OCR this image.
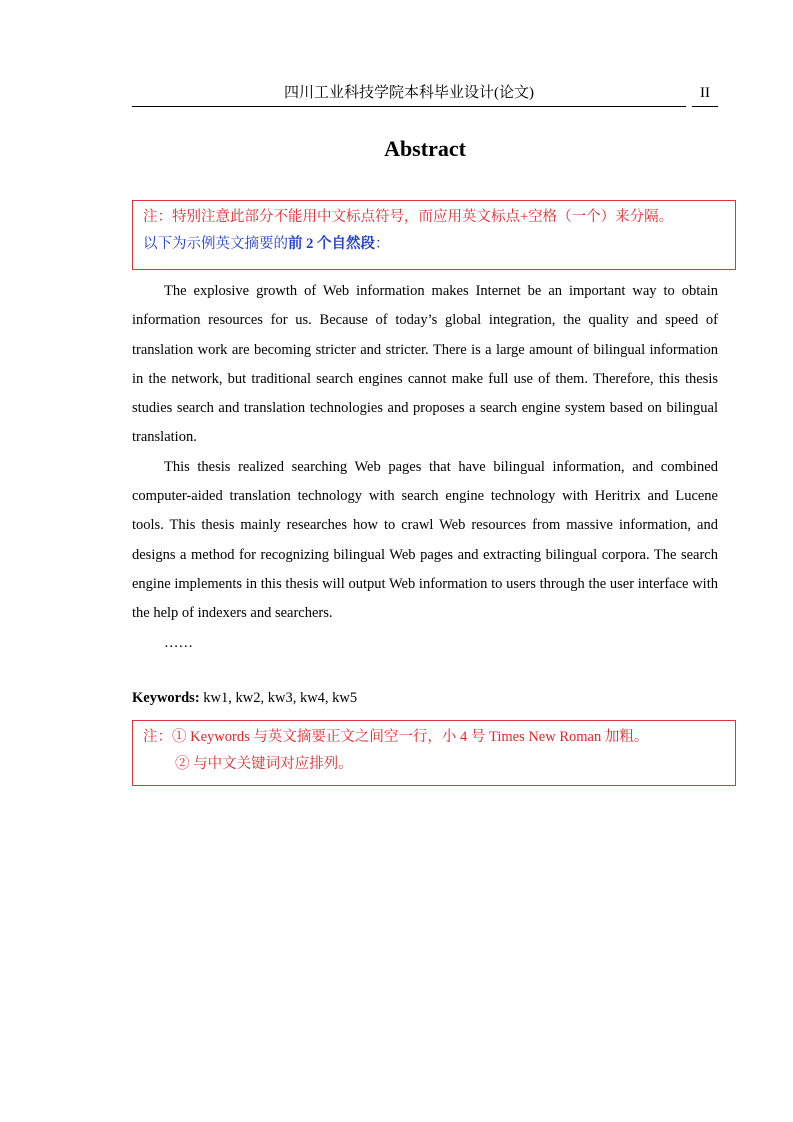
四川工业科技学院本科毕业设计(论文)	II
Abstract
注：特别注意此部分不能用中文标点符号，而应用英文标点+空格（一个）来分隔。
以下为示例英文摘要的前 2 个自然段：

The explosive growth of Web information makes Internet be an important way to obtain information resources for us. Because of today’s global integration, the quality and speed of translation work are becoming stricter and stricter. There is a large amount of bilingual information in the network, but traditional search engines cannot make full use of them. Therefore, this thesis studies search and translation technologies and proposes a search engine system based on bilingual translation.

This thesis realized searching Web pages that have bilingual information, and combined computer-aided translation technology with search engine technology with Heritrix and Lucene tools. This thesis mainly researches how to crawl Web resources from massive information, and designs a method for recognizing bilingual Web pages and extracting bilingual corpora. The search engine implements in this thesis will output Web information to users through the user interface with the help of indexers and searchers.

……

Keywords: kw1, kw2, kw3, kw4, kw5
注：① Keywords 与英文摘要正文之间空一行，小 4 号 Times New Roman 加粗。
② 与中文关键词对应排列。
